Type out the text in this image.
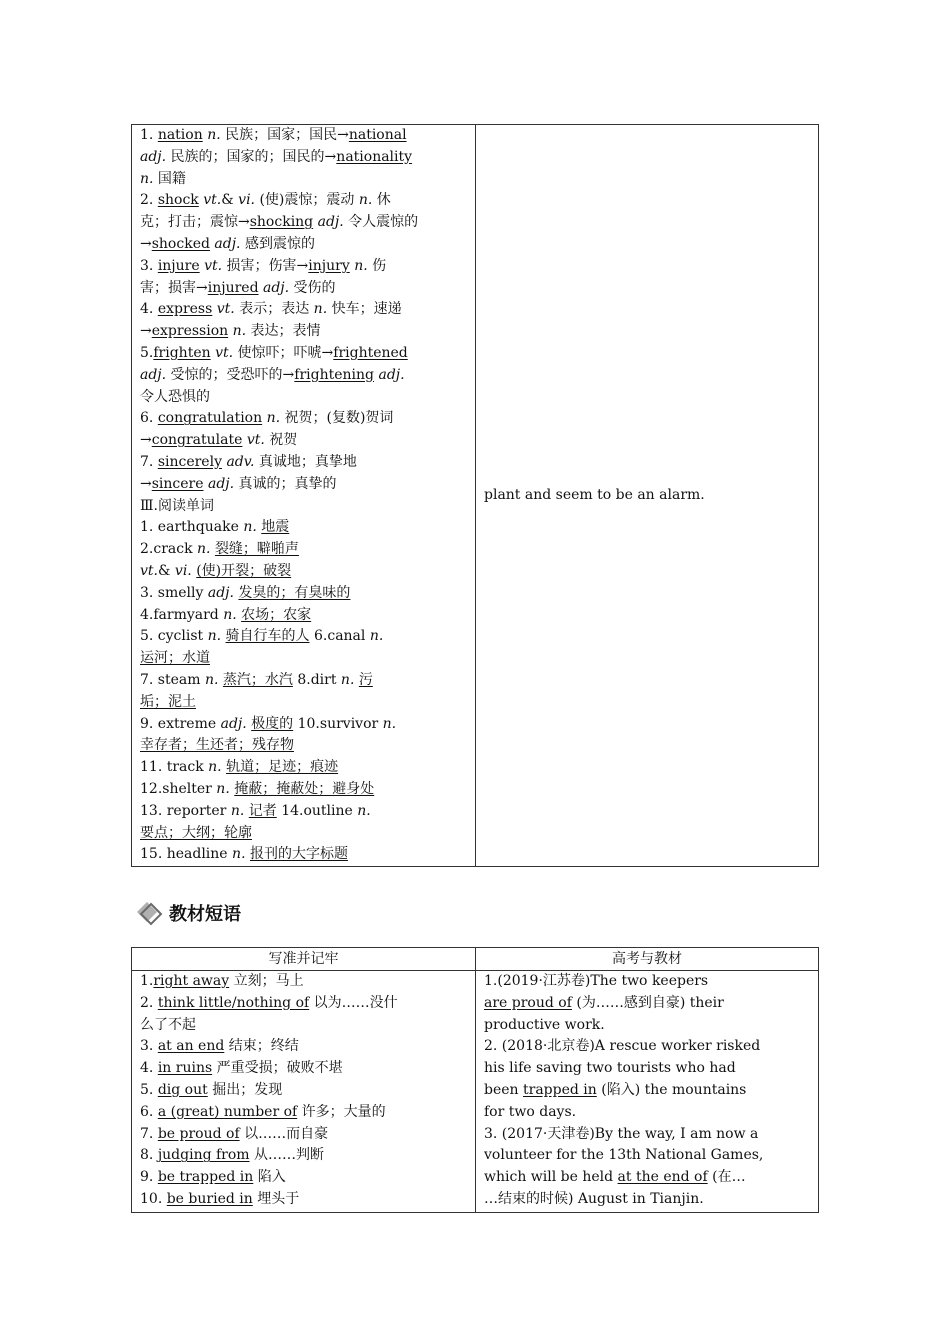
1. nation n. 民族；国家；国民→national
adj. 民族的；国家的；国民的→nationality
n. 国籍
2. shock vt.& vi. (使)震惊；震动 n. 休
克；打击；震惊→shocking adj. 令人震惊的
→shocked adj. 感到震惊的
3. injure vt. 损害；伤害→injury n. 伤
害；损害→injured adj. 受伤的
4. express vt. 表示；表达 n. 快车；速递
→expression n. 表达；表情
5.frighten vt. 使惊吓；吓唬→frightened
adj. 受惊的；受恐吓的→frightening adj.
令人恐惧的
6. congratulation n. 祝贺；(复数)贺词
→congratulate vt. 祝贺
7. sincerely adv. 真诚地；真挚地
→sincere adj. 真诚的；真挚的
Ⅲ.阅读单词
1. earthquake n. 地震
2.crack n. 裂缝；噼啪声
vt.& vi. (使)开裂；破裂
3. smelly adj. 发臭的；有臭味的
4.farmyard n. 农场；农家
5. cyclist n. 骑自行车的人 6.canal n.
运河；水道
7. steam n. 蒸汽；水汽 8.dirt n. 污
垢；泥土
9. extreme adj. 极度的 10.survivor n.
幸存者；生还者；残存物
11. track n. 轨道；足迹；痕迹
12.shelter n. 掩蔽；掩蔽处；避身处
13. reporter n. 记者 14.outline n.
要点；大纲；轮廓
15. headline n. 报刊的大字标题
plant and seem to be an alarm.
教材短语
写准并记牢	高考与教材
1.right away 立刻；马上
2. think little/nothing of 以为……没什
么了不起
3. at an end 结束；终结
4. in ruins 严重受损；破败不堪
5. dig out 掘出；发现
6. a (great) number of 许多；大量的
7. be proud of 以……而自豪
8. judging from 从……判断
9. be trapped in 陷入
10. be buried in 埋头于
1.(2019·江苏卷)The two keepers
are proud of (为……感到自豪) their
productive work.
2. (2018·北京卷)A rescue worker risked
his life saving two tourists who had
been trapped in (陷入) the mountains
for two days.
3. (2017·天津卷)By the way, I am now a
volunteer for the 13th National Games,
which will be held at the end of (在…
…结束的时候) August in Tianjin.
